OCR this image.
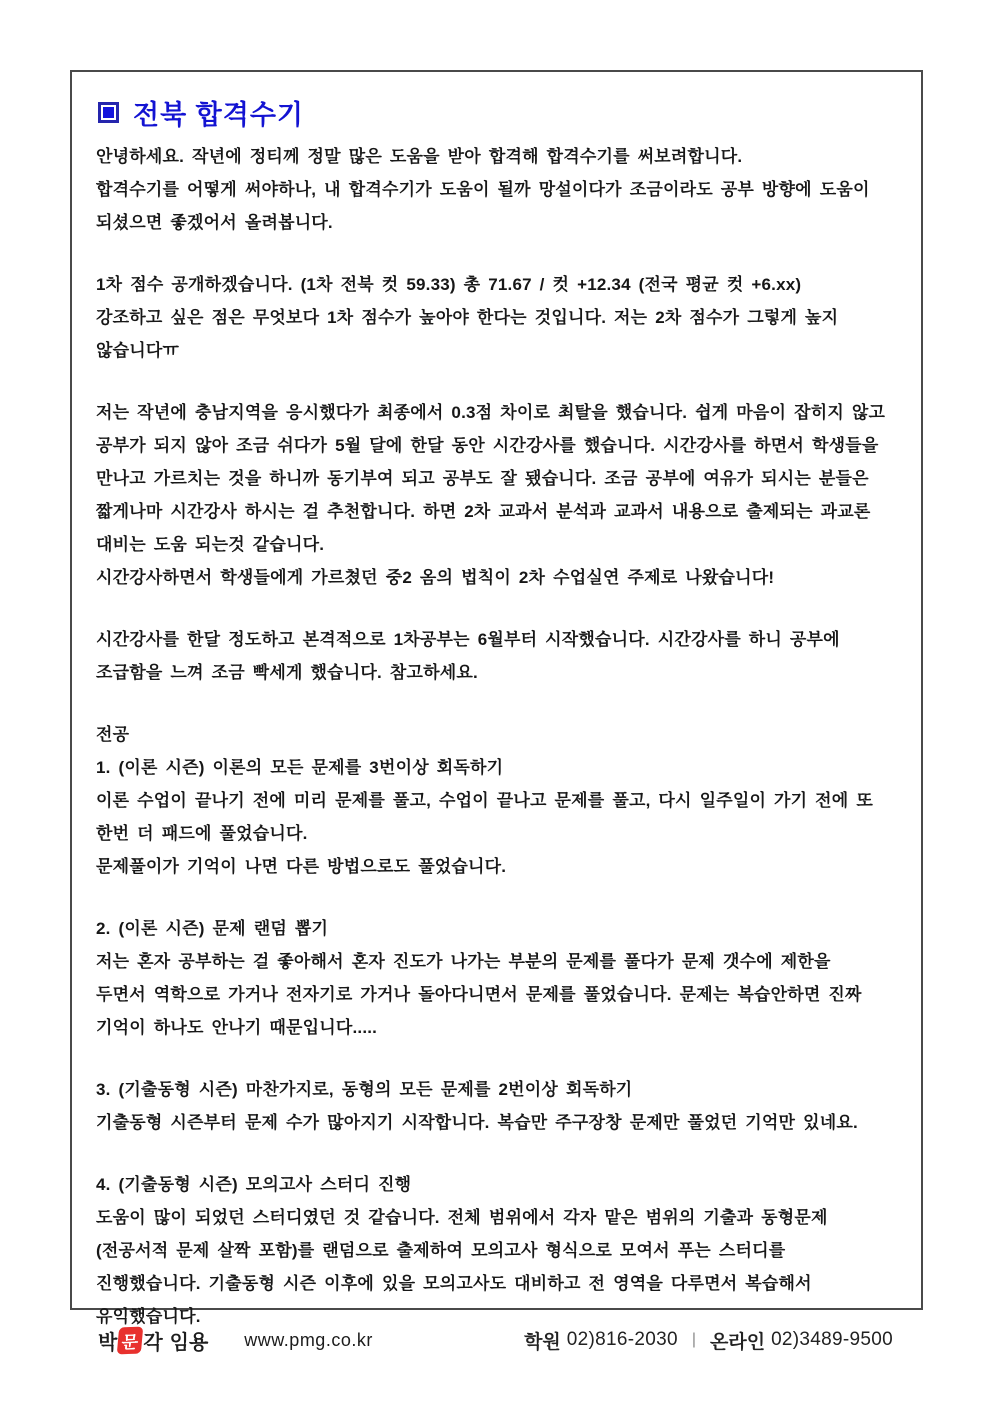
전북 합격수기
안녕하세요. 작년에 정티께 정말 많은 도움을 받아 합격해 합격수기를 써보려합니다.
합격수기를 어떻게 써야하나, 내 합격수기가 도움이 될까 망설이다가 조금이라도 공부 방향에 도움이
되셨으면 좋겠어서 올려봅니다.
1차 점수 공개하겠습니다. (1차 전북 컷 59.33) 총 71.67 / 컷 +12.34 (전국 평균 컷 +6.xx)
강조하고 싶은 점은 무엇보다 1차 점수가 높아야 한다는 것입니다. 저는 2차 점수가 그렇게 높지
않습니다ㅠ
저는 작년에 충남지역을 응시했다가 최종에서 0.3점 차이로 최탈을 했습니다. 쉽게 마음이 잡히지 않고
공부가 되지 않아 조금 쉬다가 5월 달에 한달 동안 시간강사를 했습니다. 시간강사를 하면서 학생들을
만나고 가르치는 것을 하니까 동기부여 되고 공부도 잘 됐습니다. 조금 공부에 여유가 되시는 분들은
짧게나마 시간강사 하시는 걸 추천합니다. 하면 2차 교과서 분석과 교과서 내용으로 출제되는 과교론
대비는 도움 되는것 같습니다.
시간강사하면서 학생들에게 가르쳤던 중2 옴의 법칙이 2차 수업실연 주제로 나왔습니다!
시간강사를 한달 정도하고 본격적으로 1차공부는 6월부터 시작했습니다. 시간강사를 하니 공부에
조급함을 느껴 조금 빡세게 했습니다. 참고하세요.
전공
1. (이론 시즌) 이론의 모든 문제를 3번이상 회독하기
이론 수업이 끝나기 전에 미리 문제를 풀고, 수업이 끝나고 문제를 풀고, 다시 일주일이 가기 전에 또
한번 더 패드에 풀었습니다.
문제풀이가 기억이 나면 다른 방법으로도 풀었습니다.
2. (이론 시즌) 문제 랜덤 뽑기
저는 혼자 공부하는 걸 좋아해서 혼자 진도가 나가는 부분의 문제를 풀다가 문제 갯수에 제한을
두면서 역학으로 가거나 전자기로 가거나 돌아다니면서 문제를 풀었습니다. 문제는 복습안하면 진짜
기억이 하나도 안나기 때문입니다.....
3. (기출동형 시즌) 마찬가지로, 동형의 모든 문제를 2번이상 회독하기
기출동형 시즌부터 문제 수가 많아지기 시작합니다. 복습만 주구장창 문제만 풀었던 기억만 있네요.
4. (기출동형 시즌) 모의고사 스터디 진행
도움이 많이 되었던 스터디였던 것 같습니다. 전체 범위에서 각자 맡은 범위의 기출과 동형문제
(전공서적 문제 살짝 포함)를 랜덤으로 출제하여 모의고사 형식으로 모여서 푸는 스터디를
진행했습니다. 기출동형 시즌 이후에 있을 모의고사도 대비하고 전 영역을 다루면서 복습해서
유익했습니다.
박 문 각 임용 www.pmg.co.kr	학원 02)816-2030 | 온라인 02)3489-9500
